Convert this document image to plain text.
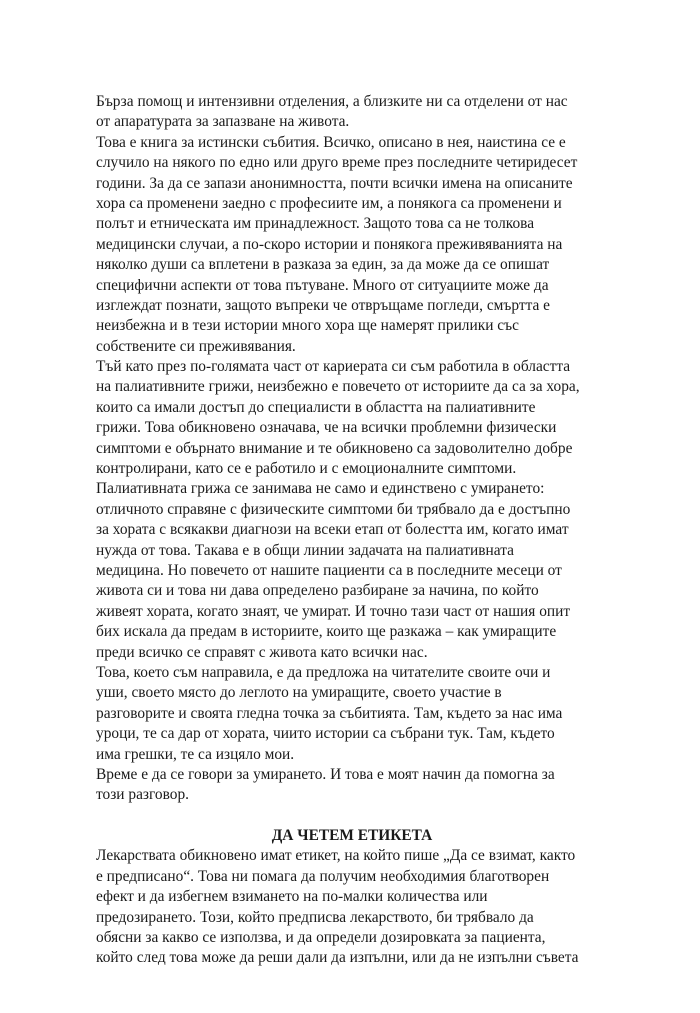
Бърза помощ и интензивни отделения, а близките ни са отделени от нас
от апаратурата за запазване на живота.
Това е книга за истински събития. Всичко, описано в нея, наистина се е
случило на някого по едно или друго време през последните четиридесет
години. За да се запази анонимността, почти всички имена на описаните
хора са променени заедно с професиите им, а понякога са променени и
полът и етническата им принадлежност. Защото това са не толкова
медицински случаи, а по-скоро истории и понякога преживяванията на
няколко души са вплетени в разказа за един, за да може да се опишат
специфични аспекти от това пътуване. Много от ситуациите може да
изглеждат познати, защото въпреки че отвръщаме погледи, смъртта е
неизбежна и в тези истории много хора ще намерят прилики със
собствените си преживявания.
Тъй като през по-голямата част от кариерата си съм работила в областта
на палиативните грижи, неизбежно е повечето от историите да са за хора,
които са имали достъп до специалисти в областта на палиативните
грижи. Това обикновено означава, че на всички проблемни физически
симптоми е обърнато внимание и те обикновено са задоволително добре
контролирани, като се е работило и с емоционалните симптоми.
Палиативната грижа се занимава не само и единствено с умирането:
отличното справяне с физическите симптоми би трябвало да е достъпно
за хората с всякакви диагнози на всеки етап от болестта им, когато имат
нужда от това. Такава е в общи линии задачата на палиативната
медицина. Но повечето от нашите пациенти са в последните месеци от
живота си и това ни дава определено разбиране за начина, по който
живеят хората, когато знаят, че умират. И точно тази част от нашия опит
бих искала да предам в историите, които ще разкажа – как умиращите
преди всичко се справят с живота като всички нас.
Това, което съм направила, е да предложа на читателите своите очи и
уши, своето място до леглото на умиращите, своето участие в
разговорите и своята гледна точка за събитията. Там, където за нас има
уроци, те са дар от хората, чиито истории са събрани тук. Там, където
има грешки, те са изцяло мои.
Време е да се говори за умирането. И това е моят начин да помогна за
този разговор.
ДА ЧЕТЕМ ЕТИКЕТА
Лекарствата обикновено имат етикет, на който пише „Да се взимат, както
е предписано“. Това ни помага да получим необходимия благотворен
ефект и да избегнем взимането на по-малки количества или
предозирането. Този, който предписва лекарството, би трябвало да
обясни за какво се използва, и да определи дозировката за пациента,
който след това може да реши дали да изпълни, или да не изпълни съвета
